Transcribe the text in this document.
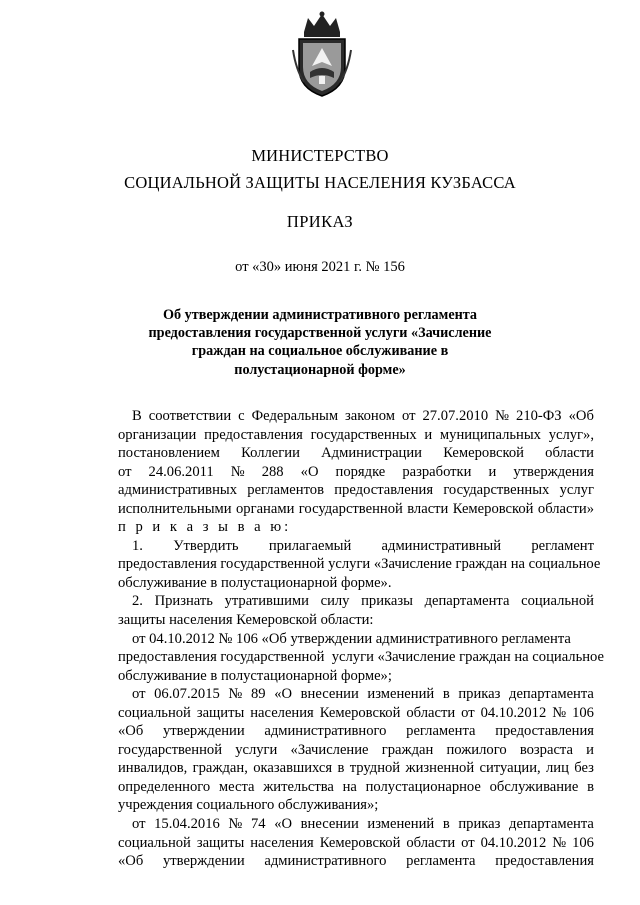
МИНИСТЕРСТВО
СОЦИАЛЬНОЙ ЗАЩИТЫ НАСЕЛЕНИЯ КУЗБАССА
ПРИКАЗ
от «30» июня 2021 г. № 156
Об утверждении административного регламента
предоставления государственной услуги «Зачисление
граждан на социальное обслуживание в
полустационарной форме»
В соответствии с Федеральным законом от 27.07.2010 № 210-ФЗ «Об
организации предоставления государственных и муниципальных услуг»,
постановлением Коллегии Администрации Кемеровской области
от 24.06.2011 № 288 «О порядке разработки и утверждения
административных регламентов предоставления государственных услуг
исполнительными органами государственной власти Кемеровской области»
п р и к а з ы в а ю:
1. Утвердить прилагаемый административный регламент
предоставления государственной услуги «Зачисление граждан на социальное
обслуживание в полустационарной форме».
2. Признать утратившими силу приказы департамента социальной
защиты населения Кемеровской области:
от 04.10.2012 № 106 «Об утверждении административного регламента
предоставления государственной  услуги «Зачисление граждан на социальное
обслуживание в полустационарной форме»;
от 06.07.2015 № 89 «О внесении изменений в приказ департамента
социальной защиты населения Кемеровской области от 04.10.2012 № 106
«Об утверждении административного регламента предоставления
государственной услуги «Зачисление граждан пожилого возраста и
инвалидов, граждан, оказавшихся в трудной жизненной ситуации, лиц без
определенного места жительства на полустационарное обслуживание в
учреждения социального обслуживания»;
от 15.04.2016 № 74 «О внесении изменений в приказ департамента
социальной защиты населения Кемеровской области от 04.10.2012 № 106
«Об утверждении административного регламента предоставления
